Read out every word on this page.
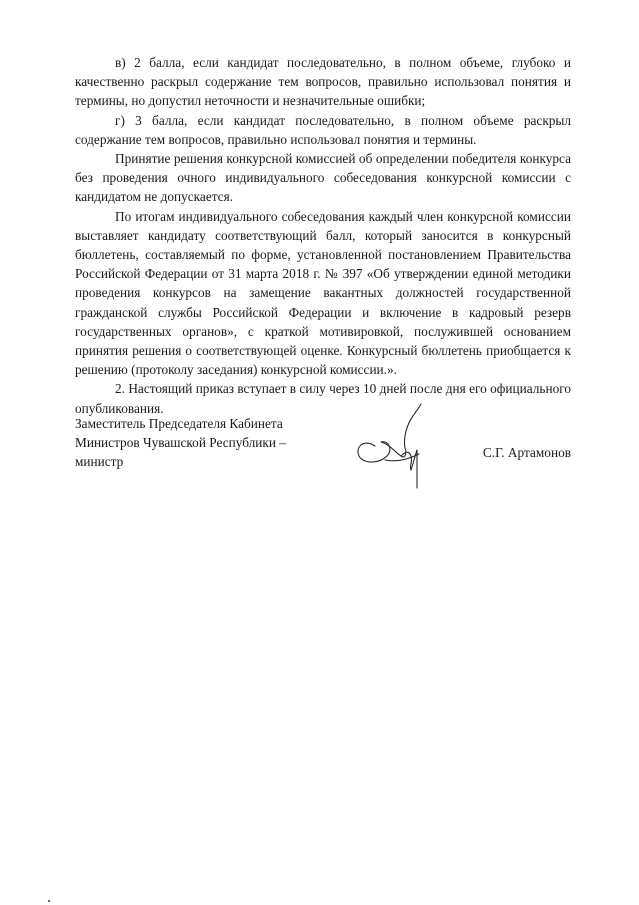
в) 2 балла, если кандидат последовательно, в полном объеме, глубоко и качественно раскрыл содержание тем вопросов, правильно использовал понятия и термины, но допустил неточности и незначительные ошибки;

г) 3 балла, если кандидат последовательно, в полном объеме раскрыл содержание тем вопросов, правильно использовал понятия и термины.

Принятие решения конкурсной комиссией об определении победителя конкурса без проведения очного индивидуального собеседования конкурсной комиссии с кандидатом не допускается.

По итогам индивидуального собеседования каждый член конкурсной комиссии выставляет кандидату соответствующий балл, который заносится в конкурсный бюллетень, составляемый по форме, установленной постановлением Правительства Российской Федерации от 31 марта 2018 г. № 397 «Об утверждении единой методики проведения конкурсов на замещение вакантных должностей государственной гражданской службы Российской Федерации и включение в кадровый резерв государственных органов», с краткой мотивировкой, послужившей основанием принятия решения о соответствующей оценке. Конкурсный бюллетень приобщается к решению (протоколу заседания) конкурсной комиссии.».

2. Настоящий приказ вступает в силу через 10 дней после дня его официального опубликования.

Заместитель Председателя Кабинета
Министров Чувашской Республики –
министр
С.Г. Артамонов
